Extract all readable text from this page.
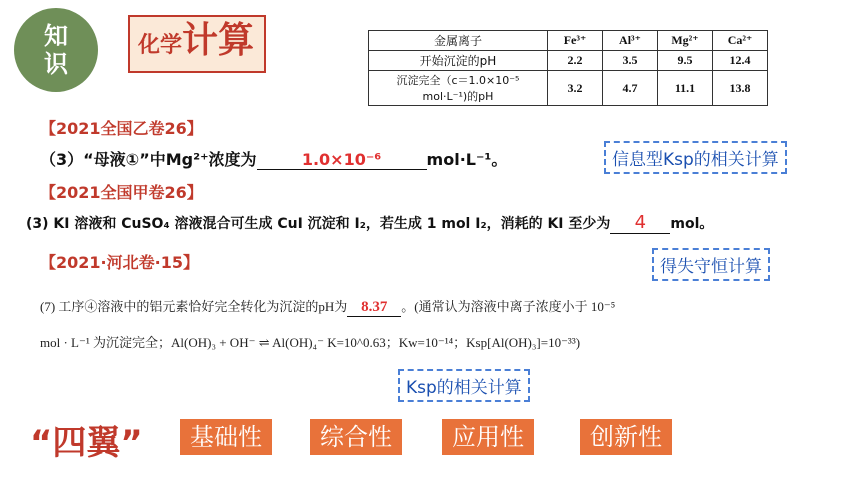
知识
化学计算	金属离子	Fe³⁺	Al³⁺	Mg²⁺	Ca²⁺
开始沉淀的pH	2.2	3.5	9.5	12.4
沉淀完全（c＝1.0×10⁻⁵ mol·L⁻¹)的pH	3.2	4.7	11.1	13.8
【2021全国乙卷26】
（3）“母液①”中Mg²⁺浓度为	1.0×10⁻⁶	mol·L⁻¹。	信息型Ksp的相关计算
【2021全国甲卷26】
(3) KI 溶液和 CuSO₄ 溶液混合可生成 CuI 沉淀和 I₂，若生成 1 mol I₂，消耗的 KI 至少为 4 mol。
得失守恒计算
【2021·河北卷·15】
(7) 工序④溶液中的铝元素恰好完全转化为沉淀的pH为 8.37 。(通常认为溶液中离子浓度小于 10⁻⁵
mol · L⁻¹ 为沉淀完全；Al(OH)₃ + OH⁻ ⇌ Al(OH)₄⁻ K=10^0.63；Kw=10⁻¹⁴；Ksp[Al(OH)₃]=10⁻³³)
Ksp的相关计算
“四翼”	基础性	综合性	应用性	创新性
